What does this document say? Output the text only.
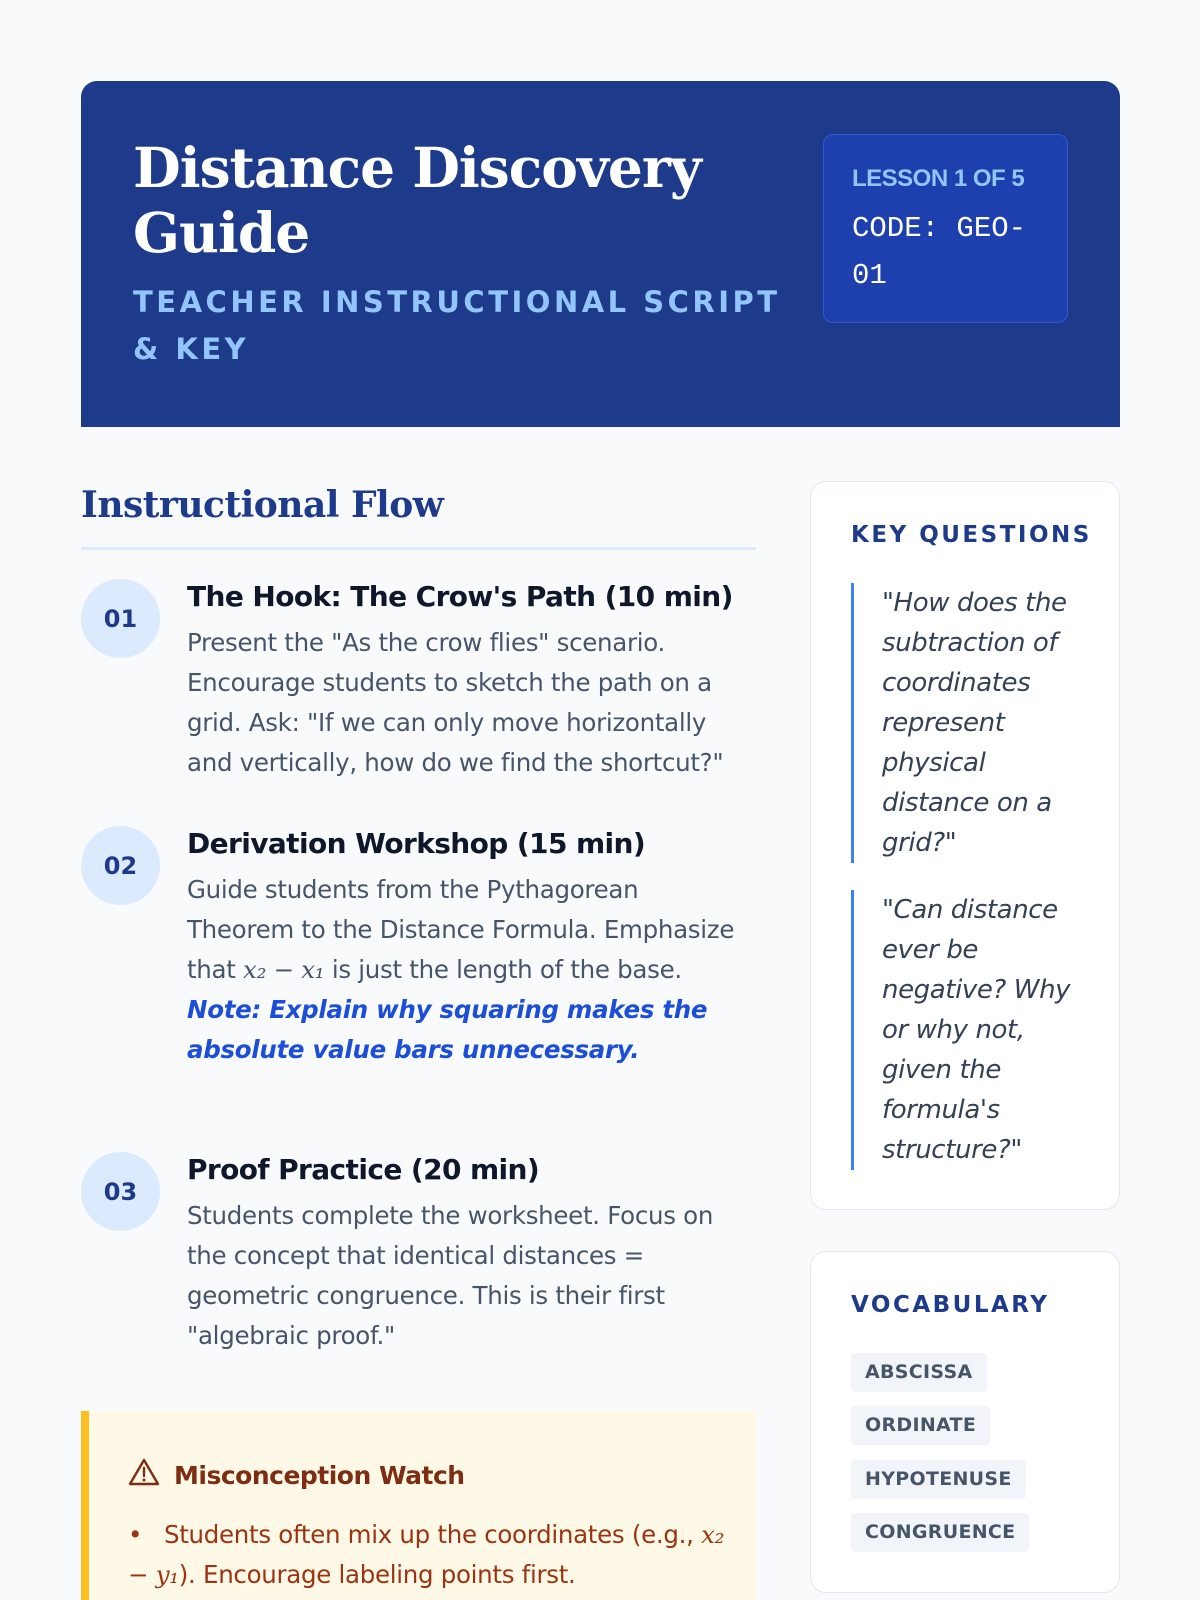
Distance Discovery Guide
TEACHER INSTRUCTIONAL SCRIPT & KEY
LESSON 1 OF 5
CODE: GEO-01
Instructional Flow
01
The Hook: The Crow's Path (10 min)
Present the "As the crow flies" scenario. Encourage students to sketch the path on a grid. Ask: "If we can only move horizontally and vertically, how do we find the shortcut?"
02
Derivation Workshop (15 min)
Guide students from the Pythagorean Theorem to the Distance Formula. Emphasize that x₂ − x₁ is just the length of the base. Note: Explain why squaring makes the absolute value bars unnecessary.
03
Proof Practice (20 min)
Students complete the worksheet. Focus on the concept that identical distances = geometric congruence. This is their first "algebraic proof."
Misconception Watch
• Students often mix up the coordinates (e.g., x₂ − y₁). Encourage labeling points first.
KEY QUESTIONS
"How does the subtraction of coordinates represent physical distance on a grid?"
"Can distance ever be negative? Why or why not, given the formula's structure?"
VOCABULARY
ABSCISSA
ORDINATE
HYPOTENUSE
CONGRUENCE
